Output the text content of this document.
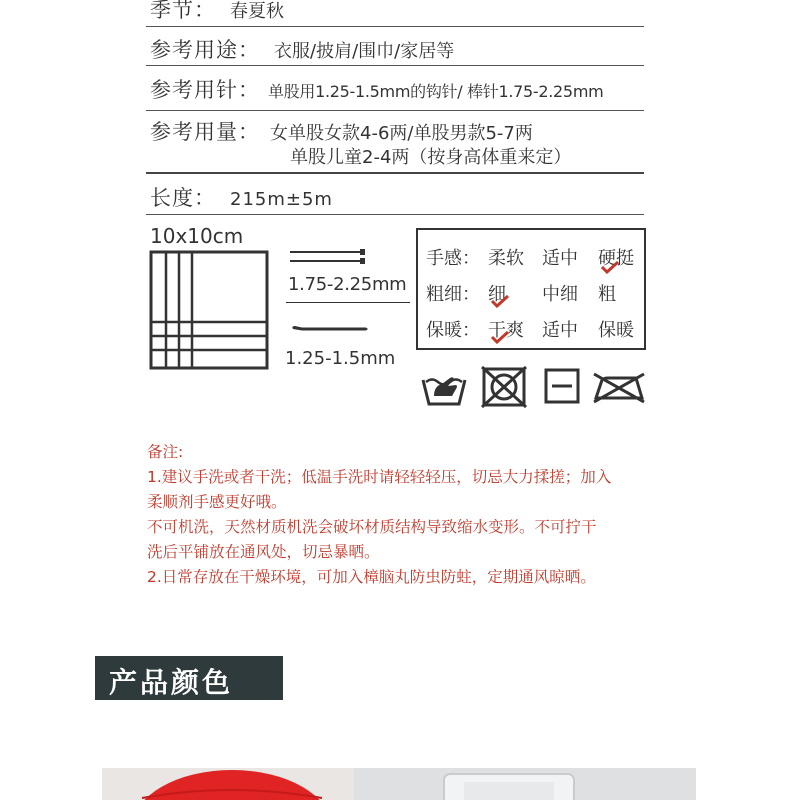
季节： 春夏秋
参考用途： 衣服/披肩/围巾/家居等
参考用针： 单股用1.25-1.5mm的钩针/ 棒针1.75-2.25mm
参考用量： 女单股女款4-6两/单股男款5-7两
单股儿童2-4两（按身高体重来定）
长度： 215m±5m
10x10cm
1.75-2.25mm
1.25-1.5mm
手感： 柔软 适中 硬挺
粗细： 细 中细 粗
保暖： 干爽 适中 保暖
备注:
1.建议手洗或者干洗；低温手洗时请轻轻轻压，切忌大力揉搓；加入
柔顺剂手感更好哦。
不可机洗，天然材质机洗会破坏材质结构导致缩水变形。不可拧干
洗后平铺放在通风处，切忌暴晒。
2.日常存放在干燥环境，可加入樟脑丸防虫防蛀，定期通风晾晒。
产品颜色
